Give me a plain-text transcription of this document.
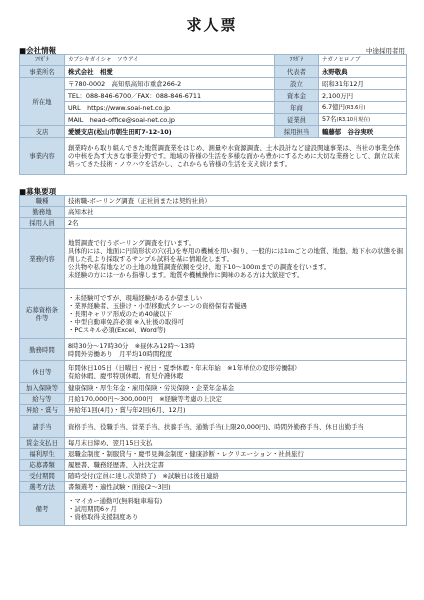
求人票
■会社情報	中途採用者用
ﾌﾘｶﾞﾅ	カブシキガイシャ　ソウアイ	ﾌﾘｶﾞﾅ	ナガノヒロノブ
事業所名	株式会社　相愛	代表者	永野敬典
所在地	〒780-0002　高知県高知市重倉266-2	設立	昭和31年12月
	TEL：088-846-6700／FAX：088-846-6711	資本金	2,100万円
	URL　https://www.soai-net.co.jp	年商	6.7億円(R3.6月)
	MAIL　head-office@soai-net.co.jp	従業員	57名(R3.10月現在)
支店	愛媛支店(松山市朝生田町7-12-10)	採用担当	鶴藤郁　谷谷実咲
事業内容	創業時から取り組んできた地質調査業をはじめ、測量や水資源調査、土木設計など建設関連事業は、当社の事業全体の中核を為す大きな事業分野です。地域の皆様の生活を多様な面から豊かにするために大切な業務として、創立以来培ってきた技術・ノウハウを活かし、これからも皆様の生活を支え続けます。		
■募集要項
職種	技術職-ボーリング調査（正社員または契約社員）
勤務地	高知本社
採用人員	2名
業務内容	地質調査で行うボーリング調査を行います。
具体的には、地面に円筒形状の穴(孔)を専用の機械を用い掘り、一般的には1ｍごとの地質、地盤、地下水の状態を掘削した孔より採取するサンプル試料を基に情報化します。
公共物や私有地などの土地の地質調査依頼を受け、地下10～100ｍまでの調査を行います。
未経験の方には一から指導します。地質や機械操作に興味のある方は大歓迎です。

応募資格条件等	・未経験可ですが、現場経験があるか望ましい
・業界経験者、玉掛け・小型移動式クレーンの資格保有者優遇
・長期キャリア形成のため40歳以下
・中型自動車免許必須 ※入社後の取得可
・PCスキル必須(Excel、Word等)

勤務時間	8時30分～17時30分　※昼休み12時～13時
時間外労働あり　月平均10時間程度

休日等	年間休日105日（日曜日・祝日・夏季休暇・年末年始　※1年単位の変形労働制）
有給休暇、慶弔特別休暇、育児介護休暇

加入保険等	健康保険・厚生年金・雇用保険・労災保険・企業年金基金
給与等	月給170,000円～300,000円　※経験等考慮の上決定
昇給・賞与	昇給年1回(4月)・賞与年2回(6月、12月)
諸手当	資格手当、役職手当、営業手当、扶養手当、通勤手当(上限20,000円)、時間外勤務手当、休日出勤手当

賃金支払日	毎月末日締め、翌月15日支払
福利厚生	退職金制度・制服貸与・慶弔見舞金制度・健康診断・レクリエーション・社員旅行
応募書類	履歴書、職務経歴書、入社決定書
受付期間	随時受付(定員に達し次第終了)　※試験日は後日連絡
選考方法	書類選考・適性試験・面接(2～3回)
備考	・マイカー通勤可(無料駐車場有)
・試用期間6ヶ月
・資格取得支援制度あり
